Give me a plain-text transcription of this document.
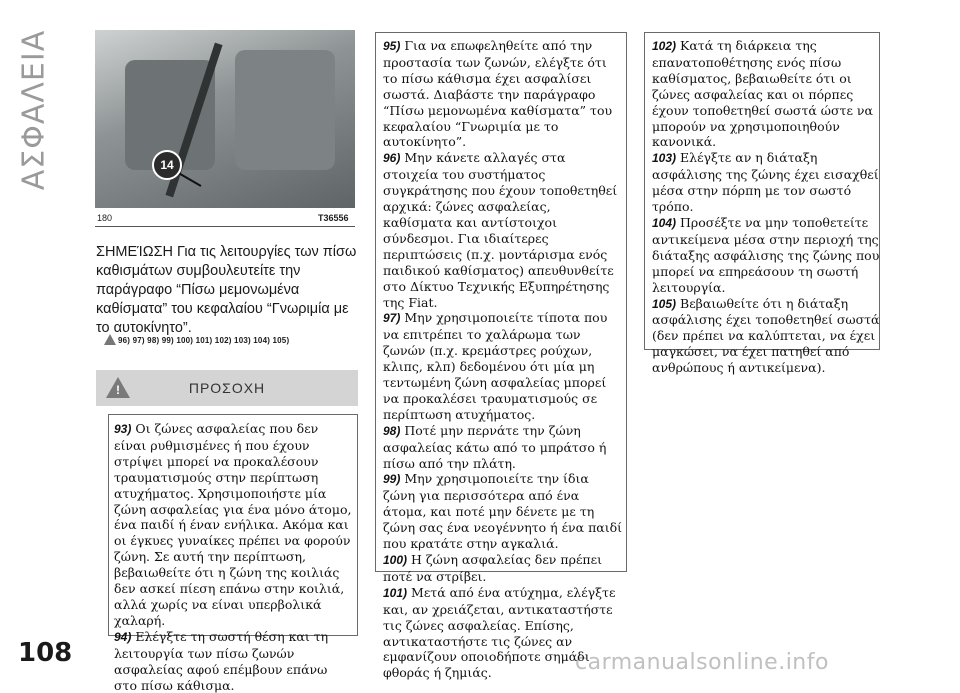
ΑΣΦΑΛΕΙΑ
108	carmanualsonline.info
14
180	T36556

ΣΗΜΕΊΩΣΗ Για τις λειτουργίες των πίσω καθισμάτων συμβουλευτείτε την παράγραφο “Πίσω μεμονωμένα καθίσματα” του κεφαλαίου “Γνωριμία με το αυτοκίνητο”.

96) 97) 98) 99) 100) 101) 102) 103) 104) 105)
!	ΠΡΟΣΟΧΗ

93) Οι ζώνες ασφαλείας που δεν είναι ρυθμισμένες ή που έχουν στρίψει μπορεί να προκαλέσουν τραυματισμούς στην περίπτωση ατυχήματος. Χρησιμοποιήστε μία ζώνη ασφαλείας για ένα μόνο άτομο, ένα παιδί ή έναν ενήλικα. Ακόμα και οι έγκυες γυναίκες πρέπει να φορούν ζώνη. Σε αυτή την περίπτωση, βεβαιωθείτε ότι η ζώνη της κοιλιάς δεν ασκεί πίεση επάνω στην κοιλιά, αλλά χωρίς να είναι υπερβολικά χαλαρή.

94) Ελέγξτε τη σωστή θέση και τη λειτουργία των πίσω ζωνών ασφαλείας αφού επέμβουν επάνω στο πίσω κάθισμα.

95) Για να επωφεληθείτε από την προστασία των ζωνών, ελέγξτε ότι το πίσω κάθισμα έχει ασφαλίσει σωστά. Διαβάστε την παράγραφο “Πίσω μεμονωμένα καθίσματα” του κεφαλαίου “Γνωριμία με το αυτοκίνητο”.

96) Μην κάνετε αλλαγές στα στοιχεία του συστήματος συγκράτησης που έχουν τοποθετηθεί αρχικά: ζώνες ασφαλείας, καθίσματα και αντίστοιχοι σύνδεσμοι. Για ιδιαίτερες περιπτώσεις (π.χ. μοντάρισμα ενός παιδικού καθίσματος) απευθυνθείτε στο Δίκτυο Τεχνικής Εξυπηρέτησης της Fiat.

97) Μην χρησιμοποιείτε τίποτα που να επιτρέπει το χαλάρωμα των ζωνών (π.χ. κρεμάστρες ρούχων, κλιπς, κλπ) δεδομένου ότι μία μη τεντωμένη ζώνη ασφαλείας μπορεί να προκαλέσει τραυματισμούς σε περίπτωση ατυχήματος.

98) Ποτέ μην περνάτε την ζώνη ασφαλείας κάτω από το μπράτσο ή πίσω από την πλάτη.

99) Μην χρησιμοποιείτε την ίδια ζώνη για περισσότερα από ένα άτομα, και ποτέ μην δένετε με τη ζώνη σας ένα νεογέννητο ή ένα παιδί που κρατάτε στην αγκαλιά.

100) Η ζώνη ασφαλείας δεν πρέπει ποτέ να στρίβει.

101) Μετά από ένα ατύχημα, ελέγξτε και, αν χρειάζεται, αντικαταστήστε τις ζώνες ασφαλείας. Επίσης, αντικαταστήστε τις ζώνες αν εμφανίζουν οποιοδήποτε σημάδι φθοράς ή ζημιάς.

102) Κατά τη διάρκεια της επανατοποθέτησης ενός πίσω καθίσματος, βεβαιωθείτε ότι οι ζώνες ασφαλείας και οι πόρπες έχουν τοποθετηθεί σωστά ώστε να μπορούν να χρησιμοποιηθούν κανονικά.

103) Ελέγξτε αν η διάταξη ασφάλισης της ζώνης έχει εισαχθεί μέσα στην πόρπη με τον σωστό τρόπο.

104) Προσέξτε να μην τοποθετείτε αντικείμενα μέσα στην περιοχή της διάταξης ασφάλισης της ζώνης που μπορεί να επηρεάσουν τη σωστή λειτουργία.

105) Βεβαιωθείτε ότι η διάταξη ασφάλισης έχει τοποθετηθεί σωστά (δεν πρέπει να καλύπτεται, να έχει μαγκώσει, να έχει πατηθεί από ανθρώπους ή αντικείμενα).
